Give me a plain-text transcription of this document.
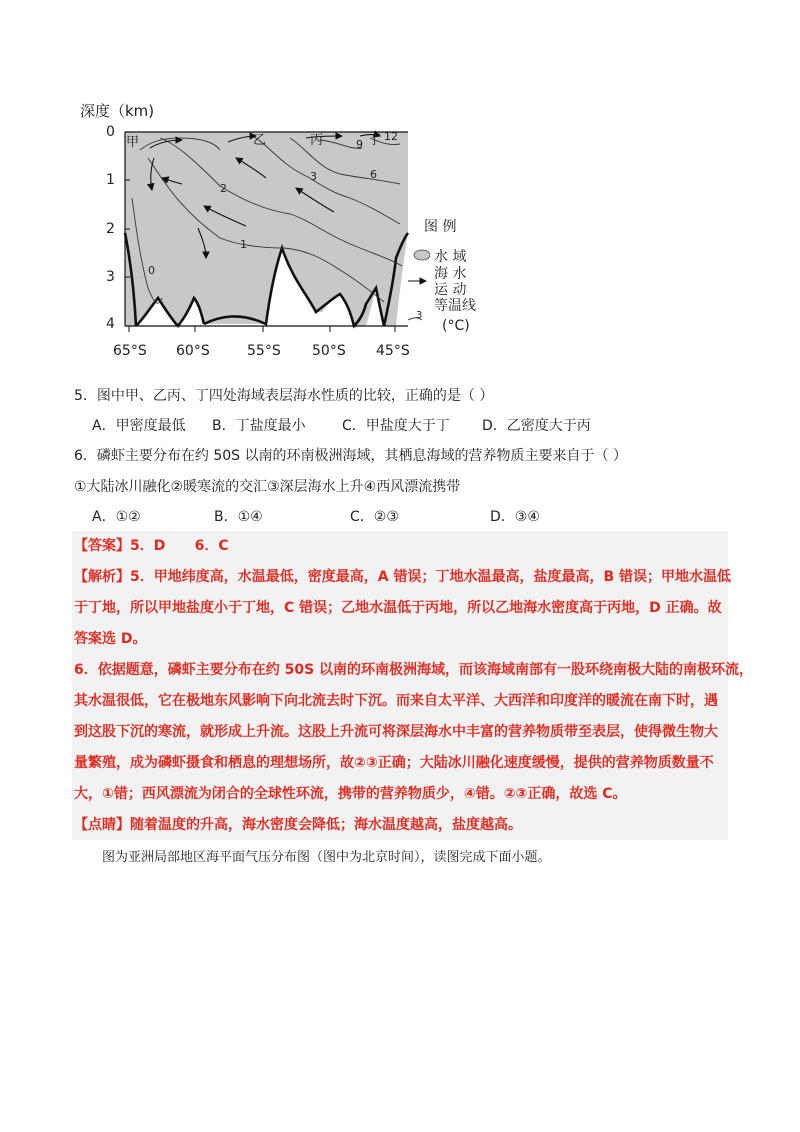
深度（km)
0
1
2
3
4
65°S 60°S	55°S 50°S 45°S
甲	乙	丙	丁 12
9
6
3
2
1
0
图 例
水 域
海 水
运 动
等温线
(°C)
3
5．图中甲、乙丙、丁四处海域表层海水性质的比较，正确的是（ ）
A．甲密度最低 B．丁盐度最小	C．甲盐度大于丁 D．乙密度大于丙
6．磷虾主要分布在约 50S 以南的环南极洲海域，其栖息海域的营养物质主要来自于（ ）
①大陆冰川融化②暖寒流的交汇③深层海水上升④西风漂流携带
A．①②	B．①④	C．②③	D．③④
【答案】5．D      6．C
【解析】5．甲地纬度高，水温最低，密度最高，A 错误；丁地水温最高，盐度最高，B 错误；甲地水温低
于丁地，所以甲地盐度小于丁地，C 错误；乙地水温低于丙地，所以乙地海水密度高于丙地，D 正确。故
答案选 D。
6．依据题意，磷虾主要分布在约 50S 以南的环南极洲海域，而该海域南部有一股环绕南极大陆的南极环流，
其水温很低，它在极地东风影响下向北流去时下沉。而来自太平洋、大西洋和印度洋的暖流在南下时，遇
到这股下沉的寒流，就形成上升流。这股上升流可将深层海水中丰富的营养物质带至表层，使得微生物大
量繁殖，成为磷虾摄食和栖息的理想场所，故②③正确；大陆冰川融化速度缓慢，提供的营养物质数量不
大，①错；西风漂流为闭合的全球性环流，携带的营养物质少，④错。②③正确，故选 C。
【点睛】随着温度的升高，海水密度会降低；海水温度越高，盐度越高。
图为亚洲局部地区海平面气压分布图（图中为北京时间），读图完成下面小题。
